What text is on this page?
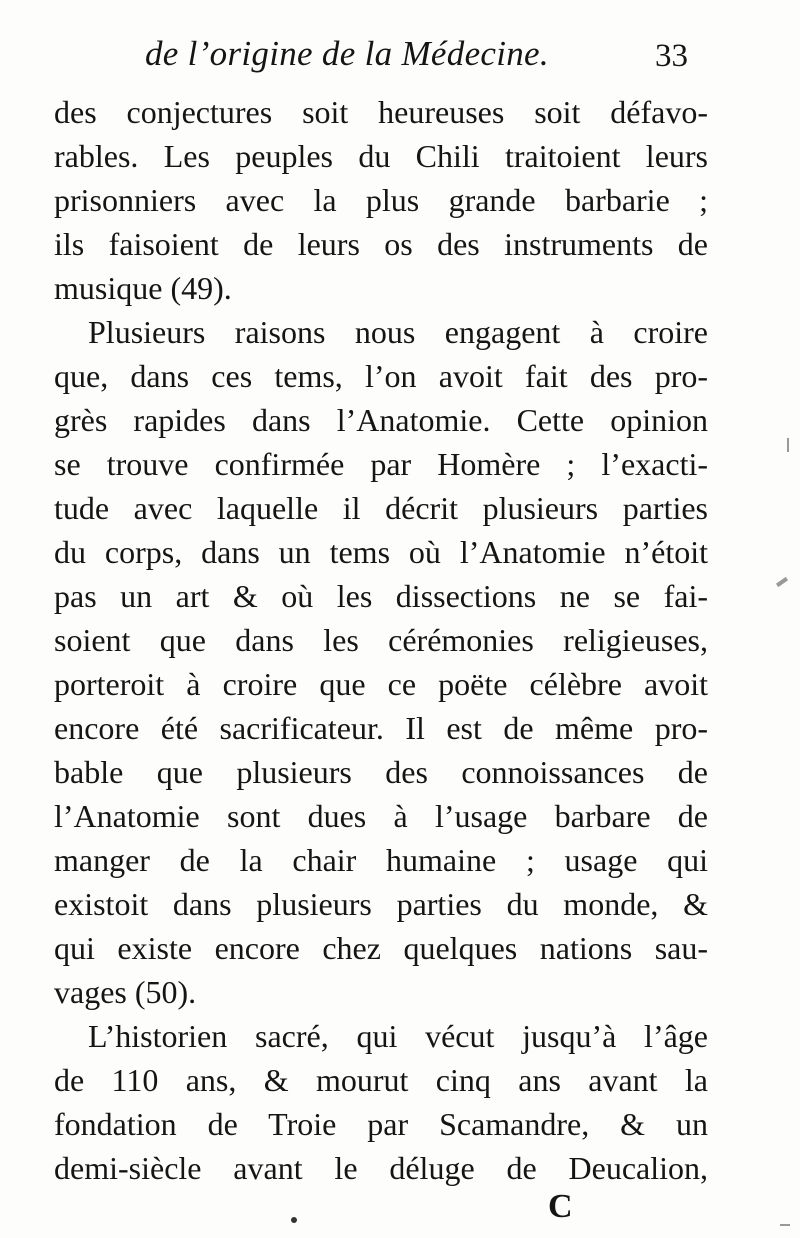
de l’origine de la Médecine.	33
des conjectures soit heureuses soit défavo-
rables. Les peuples du Chili traitoient leurs
prisonniers avec la plus grande barbarie ;
ils faisoient de leurs os des instruments de
musique (49).
Plusieurs raisons nous engagent à croire
que, dans ces tems, l’on avoit fait des pro-
grès rapides dans l’Anatomie. Cette opinion
se trouve confirmée par Homère ; l’exacti-
tude avec laquelle il décrit plusieurs parties
du corps, dans un tems où l’Anatomie n’étoit
pas un art & où les dissections ne se fai-
soient que dans les cérémonies religieuses,
porteroit à croire que ce poëte célèbre avoit
encore été sacrificateur. Il est de même pro-
bable que plusieurs des connoissances de
l’Anatomie sont dues à l’usage barbare de
manger de la chair humaine ; usage qui
existoit dans plusieurs parties du monde, &
qui existe encore chez quelques nations sau-
vages (50).
L’historien sacré, qui vécut jusqu’à l’âge
de 110 ans, & mourut cinq ans avant la
fondation de Troie par Scamandre, & un
demi-siècle avant le déluge de Deucalion,
C
